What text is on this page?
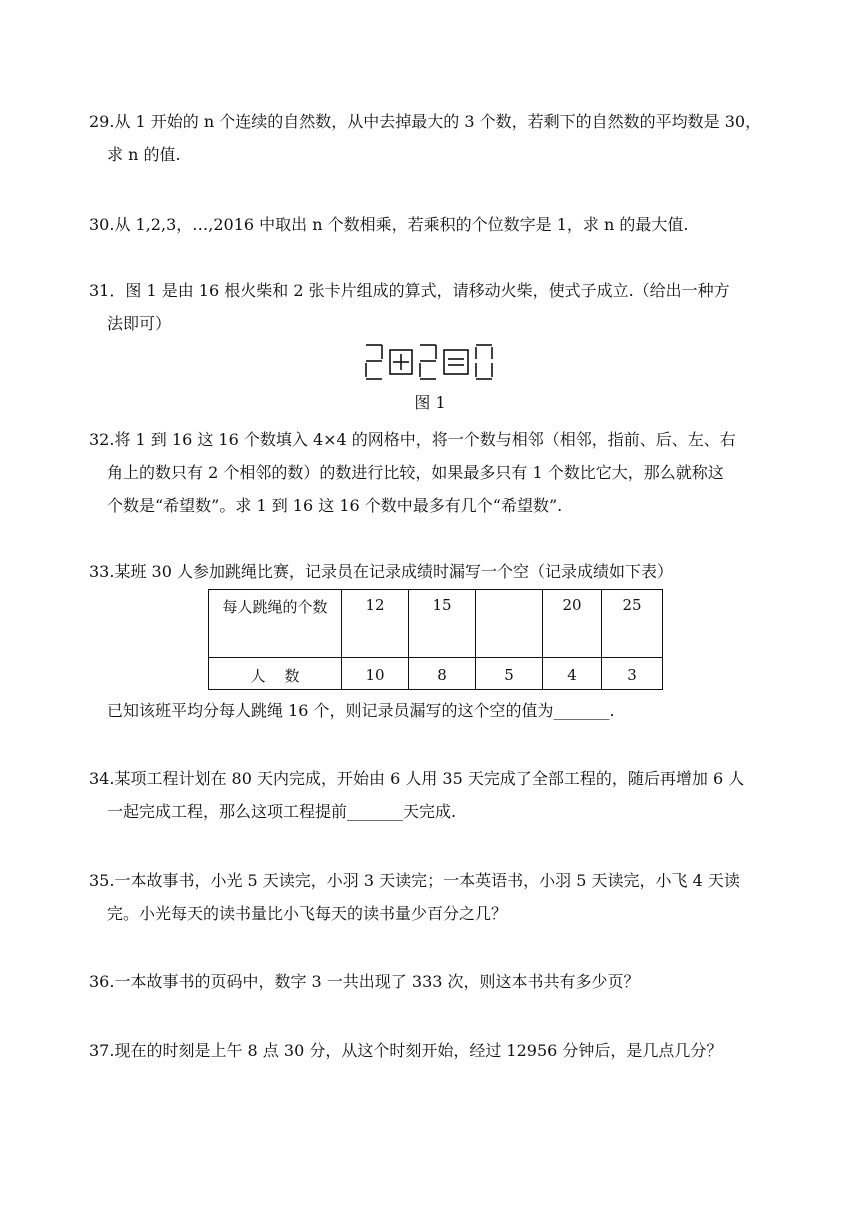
29.从 1 开始的 n 个连续的自然数，从中去掉最大的 3 个数，若剩下的自然数的平均数是 30，

求 n 的值.
30.从 1,2,3，…,2016 中取出 n 个数相乘，若乘积的个位数字是 1，求 n 的最大值.
31．图 1 是由 16 根火柴和 2 张卡片组成的算式，请移动火柴，使式子成立.（给出一种方

法即可）
图 1
32.将 1 到 16 这 16 个数填入 4×4 的网格中，将一个数与相邻（相邻，指前、后、左、右

角上的数只有 2 个相邻的数）的数进行比较，如果最多只有 1 个数比它大，那么就称这
个数是“希望数”。求 1 到 16 这 16 个数中最多有几个“希望数”.
33.某班 30 人参加跳绳比赛，记录员在记录成绩时漏写一个空（记录成绩如下表）
每人跳绳的个数	12	15		20	25
人    数	10	8	5	4	3
已知该班平均分每人跳绳 16 个，则记录员漏写的这个空的值为_______.
34.某项工程计划在 80 天内完成，开始由 6 人用 35 天完成了全部工程的，随后再增加 6 人

一起完成工程，那么这项工程提前_______天完成.
35.一本故事书，小光 5 天读完，小羽 3 天读完；一本英语书，小羽 5 天读完，小飞 4 天读

完。小光每天的读书量比小飞每天的读书量少百分之几？
36.一本故事书的页码中，数字 3 一共出现了 333 次，则这本书共有多少页？
37.现在的时刻是上午 8 点 30 分，从这个时刻开始，经过 12956 分钟后，是几点几分？
